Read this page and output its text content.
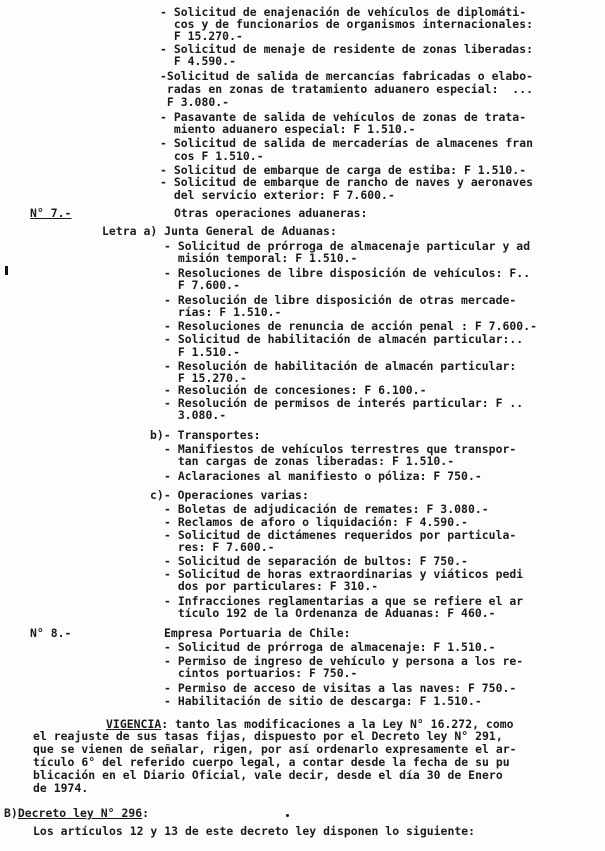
- Solicitud de enajenación de vehículos de diplomáti-
cos y de funcionarios de organismos internacionales:
F 15.270.-
- Solicitud de menaje de residente de zonas liberadas:
F 4.590.-
-Solicitud de salida de mercancías fabricadas o elabo-
radas en zonas de tratamiento aduanero especial:  ...
F 3.080.-
- Pasavante de salida de vehículos de zonas de trata-
miento aduanero especial: F 1.510.-
- Solicitud de salida de mercaderías de almacenes fran
cos F 1.510.-
- Solicitud de embarque de carga de estiba: F 1.510.-
- Solicitud de embarque de rancho de naves y aeronaves
del servicio exterior: F 7.600.-
N° 7.-	Otras operaciones aduaneras:
Letra a) Junta General de Aduanas:
- Solicitud de prórroga de almacenaje particular y ad
misión temporal: F 1.510.-
- Resoluciones de libre disposición de vehículos: F..
F 7.600.-
- Resolución de libre disposición de otras mercade-
rías: F 1.510.-
- Resoluciones de renuncia de acción penal : F 7.600.-
- Solicitud de habilitación de almacén particular:..
F 1.510.-
- Resolución de habilitación de almacén particular:
F 15.270.-
- Resolución de concesiones: F 6.100.-
- Resolución de permisos de interés particular: F ..
3.080.-
b)- Transportes:
- Manifiestos de vehículos terrestres que transpor-
tan cargas de zonas liberadas: F 1.510.-
- Aclaraciones al manifiesto o póliza: F 750.-
c)- Operaciones varias:
- Boletas de adjudicación de remates: F 3.080.-
- Reclamos de aforo o liquidación: F 4.590.-
- Solicitud de dictámenes requeridos por particula-
res: F 7.600.-
- Solicitud de separación de bultos: F 750.-
- Solicitud de horas extraordinarias y viáticos pedi
dos por particulares: F 310.-
- Infracciones reglamentarias a que se refiere el ar
tículo 192 de la Ordenanza de Aduanas: F 460.-
N° 8.-	Empresa Portuaria de Chile:
- Solicitud de prórroga de almacenaje: F 1.510.-
- Permiso de ingreso de vehículo y persona a los re-
cintos portuarios: F 750.-
- Permiso de acceso de visitas a las naves: F 750.-
- Habilitación de sitio de descarga: F 1.510.-
VIGENCIA: tanto las modificaciones a la Ley N° 16.272, como
el reajuste de sus tasas fijas, dispuesto por el Decreto ley N° 291,
que se vienen de señalar, rigen, por así ordenarlo expresamente el ar-
tículo 6° del referido cuerpo legal, a contar desde la fecha de su pu
blicación en el Diario Oficial, vale decir, desde el día 30 de Enero
de 1974.
B)Decreto ley N° 296:
Los artículos 12 y 13 de este decreto ley disponen lo siguiente:
